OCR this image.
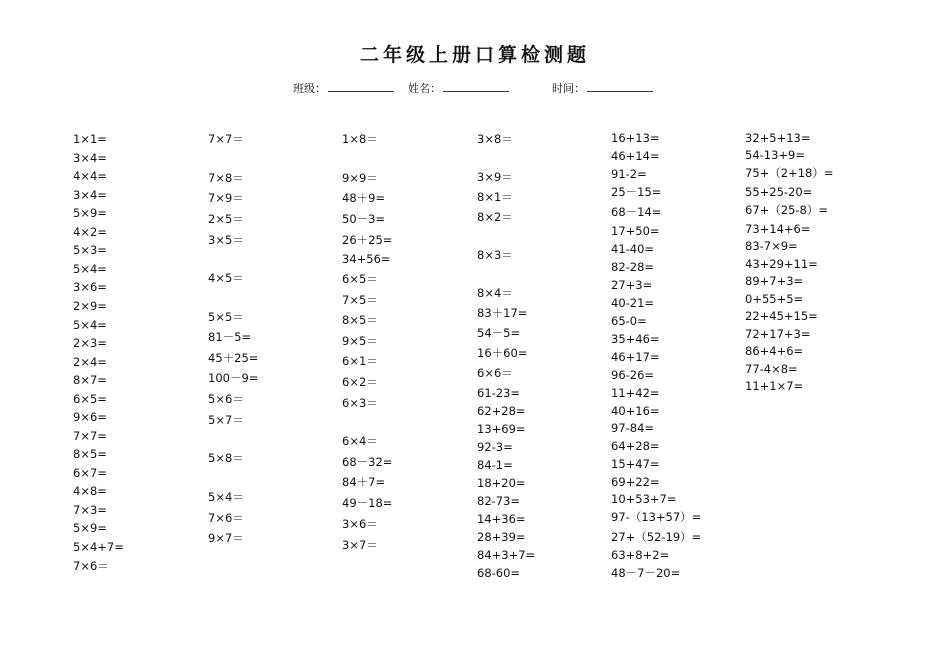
二年级上册口算检测题
班级：	姓名：	时间：
1×1=
3×4=
4×4=
3×4=
5×9=
4×2=
5×3=
5×4=
3×6=
2×9=
5×4=
2×3=
2×4=
8×7=
6×5=
9×6=
7×7=
8×5=
6×7=
4×8=
7×3=
5×9=
5×4+7=
7×6＝
7×7＝
7×8＝
7×9＝
2×5＝
3×5＝
4×5＝
5×5＝
81－5=
45＋25=
100－9=
5×6＝
5×7＝
5×8＝
5×4＝
7×6＝
9×7＝
1×8＝
9×9＝
48＋9=
50－3=
26＋25=
34+56=
6×5＝
7×5＝
8×5＝
9×5＝
6×1＝
6×2＝
6×3＝
6×4＝
68－32=
84＋7=
49－18=
3×6＝
3×7＝
3×8＝
3×9＝
8×1＝
8×2＝
8×3＝
8×4＝
83＋17=
54－5=
16＋60=
6×6＝
61-23=
62+28=
13+69=
92-3=
84-1=
18+20=
82-73=
14+36=
28+39=
84+3+7=
68-60=
16+13=
46+14=
91-2=
25－15=
68－14=
17+50=
41-40=
82-28=
27+3=
40-21=
65-0=
35+46=
46+17=
96-26=
11+42=
40+16=
97-84=
64+28=
15+47=
69+22=
10+53+7=
97-（13+57）=
27+（52-19）=
63+8+2=
48－7－20=
32+5+13=
54-13+9=
75+（2+18）=
55+25-20=
67+（25-8）=
73+14+6=
83-7×9=
43+29+11=
89+7+3=
0+55+5=
22+45+15=
72+17+3=
86+4+6=
77-4×8=
11+1×7=
